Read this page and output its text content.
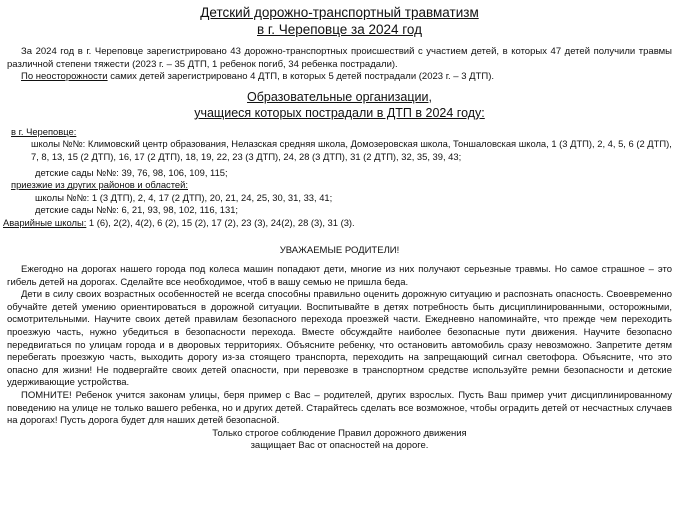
Детский дорожно-транспортный травматизм

в г. Череповце за 2024 год

За 2024 год в г. Череповце зарегистрировано 43 дорожно-транспортных происшествий с участием детей, в которых 47 детей получили травмы различной степени тяжести (2023 г. – 35 ДТП, 1 ребенок погиб, 34 ребенка пострадали).

По неосторожности самих детей зарегистрировано 4 ДТП, в которых 5 детей пострадали (2023 г. – 3 ДТП).

Образовательные организации,

учащиеся которых пострадали в ДТП в 2024 году:

в г. Череповце:

школы №№: Климовский центр образования, Нелазская средняя школа, Домозеровская школа, Тоншаловская школа, 1 (3 ДТП), 2, 4, 5, 6 (2 ДТП), 7, 8, 13, 15 (2 ДТП), 16, 17 (2 ДТП), 18, 19, 22, 23 (3 ДТП), 24, 28 (3 ДТП), 31 (2 ДТП), 32, 35, 39, 43;

детские сады №№: 39, 76, 98, 106, 109, 115;

приезжие из других районов и областей:

школы №№: 1 (3 ДТП), 2, 4, 17 (2 ДТП), 20, 21, 24, 25, 30, 31, 33, 41;

детские сады №№: 6, 21, 93, 98, 102, 116, 131;

Аварийные школы: 1 (6), 2(2), 4(2), 6 (2), 15 (2), 17 (2), 23 (3), 24(2), 28 (3), 31 (3).

УВАЖАЕМЫЕ РОДИТЕЛИ!

Ежегодно на дорогах нашего города под колеса машин попадают дети, многие из них получают серьезные травмы. Но самое страшное – это гибель детей на дорогах. Сделайте все необходимое, чтоб в вашу семью не пришла беда.

Дети в силу своих возрастных особенностей не всегда способны правильно оценить дорожную ситуацию и распознать опасность. Своевременно обучайте детей умению ориентироваться в дорожной ситуации. Воспитывайте в детях потребность быть дисциплинированными, осторожными, осмотрительными. Научите своих детей правилам безопасного перехода проезжей части. Ежедневно напоминайте, что прежде чем переходить проезжую часть, нужно убедиться в безопасности перехода. Вместе обсуждайте наиболее безопасные пути движения. Научите безопасно передвигаться по улицам города и в дворовых территориях. Объясните ребенку, что остановить автомобиль сразу невозможно. Запретите детям перебегать проезжую часть, выходить дорогу из-за стоящего транспорта, переходить на запрещающий сигнал светофора. Объясните, что это опасно для жизни! Не подвергайте своих детей опасности, при перевозке в транспортном средстве используйте ремни безопасности и детские удерживающие устройства.

ПОМНИТЕ! Ребенок учится законам улицы, беря пример с Вас – родителей, других взрослых. Пусть Ваш пример учит дисциплинированному поведению на улице не только вашего ребенка, но и других детей. Старайтесь сделать все возможное, чтобы оградить детей от несчастных случаев на дорогах! Пусть дорога будет для наших детей безопасной.

Только строгое соблюдение Правил дорожного движения

защищает Вас от опасностей на дороге.
